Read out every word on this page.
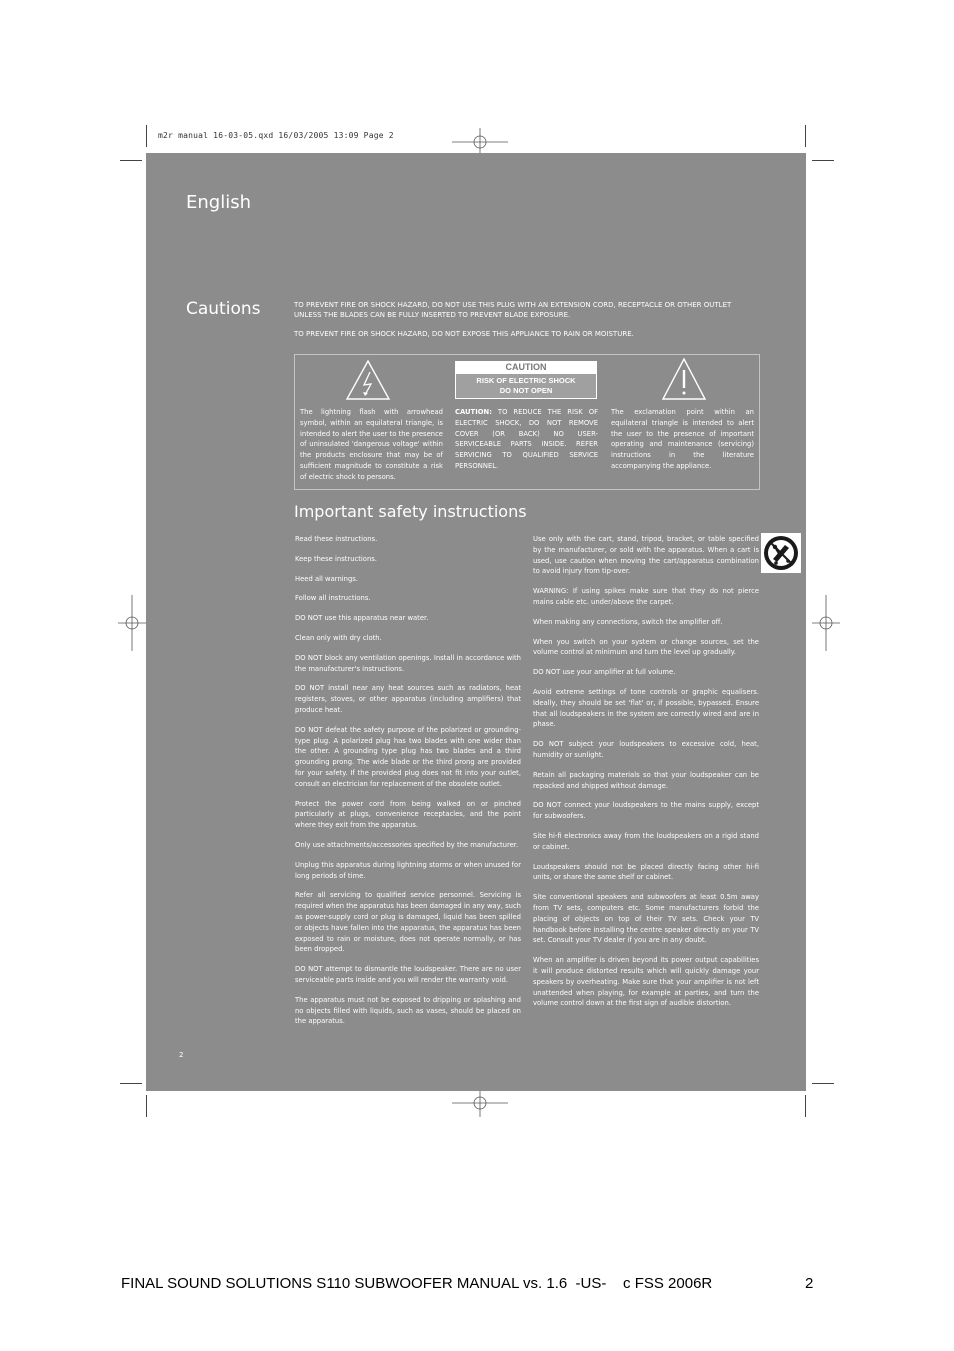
m2r manual 16-03-05.qxd 16/03/2005 13:09 Page 2
English
Cautions	TO PREVENT FIRE OR SHOCK HAZARD, DO NOT USE THIS PLUG WITH AN EXTENSION CORD, RECEPTACLE OR OTHER OUTLET UNLESS THE BLADES CAN BE FULLY INSERTED TO PREVENT BLADE EXPOSURE.

TO PREVENT FIRE OR SHOCK HAZARD, DO NOT EXPOSE THIS APPLIANCE TO RAIN OR MOISTURE.

CAUTION
RISK OF ELECTRIC SHOCK
DO NOT OPEN
The lightning flash with arrowhead symbol, within an equilateral triangle, is intended to alert the user to the presence of uninsulated 'dangerous voltage' within the products enclosure that may be of sufficient magnitude to constitute a risk of electric shock to persons.
CAUTION: TO REDUCE THE RISK OF ELECTRIC SHOCK, DO NOT REMOVE COVER (OR BACK) NO USER-SERVICEABLE PARTS INSIDE. REFER SERVICING TO QUALIFIED SERVICE PERSONNEL.
The exclamation point within an equilateral triangle is intended to alert the user to the presence of important operating and maintenance (servicing) instructions in the literature accompanying the appliance.
Important safety instructions

Read these instructions.

Keep these instructions.

Heed all warnings.

Follow all instructions.

DO NOT use this apparatus near water.

Clean only with dry cloth.

DO NOT block any ventilation openings. Install in accordance with the manufacturer's instructions.

DO NOT install near any heat sources such as radiators, heat registers, stoves, or other apparatus (including amplifiers) that produce heat.

DO NOT defeat the safety purpose of the polarized or grounding-type plug. A polarized plug has two blades with one wider than the other. A grounding type plug has two blades and a third grounding prong. The wide blade or the third prong are provided for your safety. If the provided plug does not fit into your outlet, consult an electrician for replacement of the obsolete outlet.

Protect the power cord from being walked on or pinched particularly at plugs, convenience receptacles, and the point where they exit from the apparatus.

Only use attachments/accessories specified by the manufacturer.

Unplug this apparatus during lightning storms or when unused for long periods of time.

Refer all servicing to qualified service personnel. Servicing is required when the apparatus has been damaged in any way, such as power-supply cord or plug is damaged, liquid has been spilled or objects have fallen into the apparatus, the apparatus has been exposed to rain or moisture, does not operate normally, or has been dropped.

DO NOT attempt to dismantle the loudspeaker. There are no user serviceable parts inside and you will render the warranty void.

The apparatus must not be exposed to dripping or splashing and no objects filled with liquids, such as vases, should be placed on the apparatus.

Use only with the cart, stand, tripod, bracket, or table specified by the manufacturer, or sold with the apparatus. When a cart is used, use caution when moving the cart/apparatus combination to avoid injury from tip-over.

WARNING: If using spikes make sure that they do not pierce mains cable etc. under/above the carpet.

When making any connections, switch the amplifier off.

When you switch on your system or change sources, set the volume control at minimum and turn the level up gradually.

DO NOT use your amplifier at full volume.

Avoid extreme settings of tone controls or graphic equalisers. Ideally, they should be set 'flat' or, if possible, bypassed. Ensure that all loudspeakers in the system are correctly wired and are in phase.

DO NOT subject your loudspeakers to excessive cold, heat, humidity or sunlight.

Retain all packaging materials so that your loudspeaker can be repacked and shipped without damage.

DO NOT connect your loudspeakers to the mains supply, except for subwoofers.

Site hi-fi electronics away from the loudspeakers on a rigid stand or cabinet.

Loudspeakers should not be placed directly facing other hi-fi units, or share the same shelf or cabinet.

Site conventional speakers and subwoofers at least 0.5m away from TV sets, computers etc. Some manufacturers forbid the placing of objects on top of their TV sets. Check your TV handbook before installing the centre speaker directly on your TV set. Consult your TV dealer if you are in any doubt.

When an amplifier is driven beyond its power output capabilities it will produce distorted results which will quickly damage your speakers by overheating. Make sure that your amplifier is not left unattended when playing, for example at parties, and turn the volume control down at the first sign of audible distortion.

2
FINAL SOUND SOLUTIONS S110 SUBWOOFER MANUAL vs. 1.6  -US-    c FSS 2006R	2
